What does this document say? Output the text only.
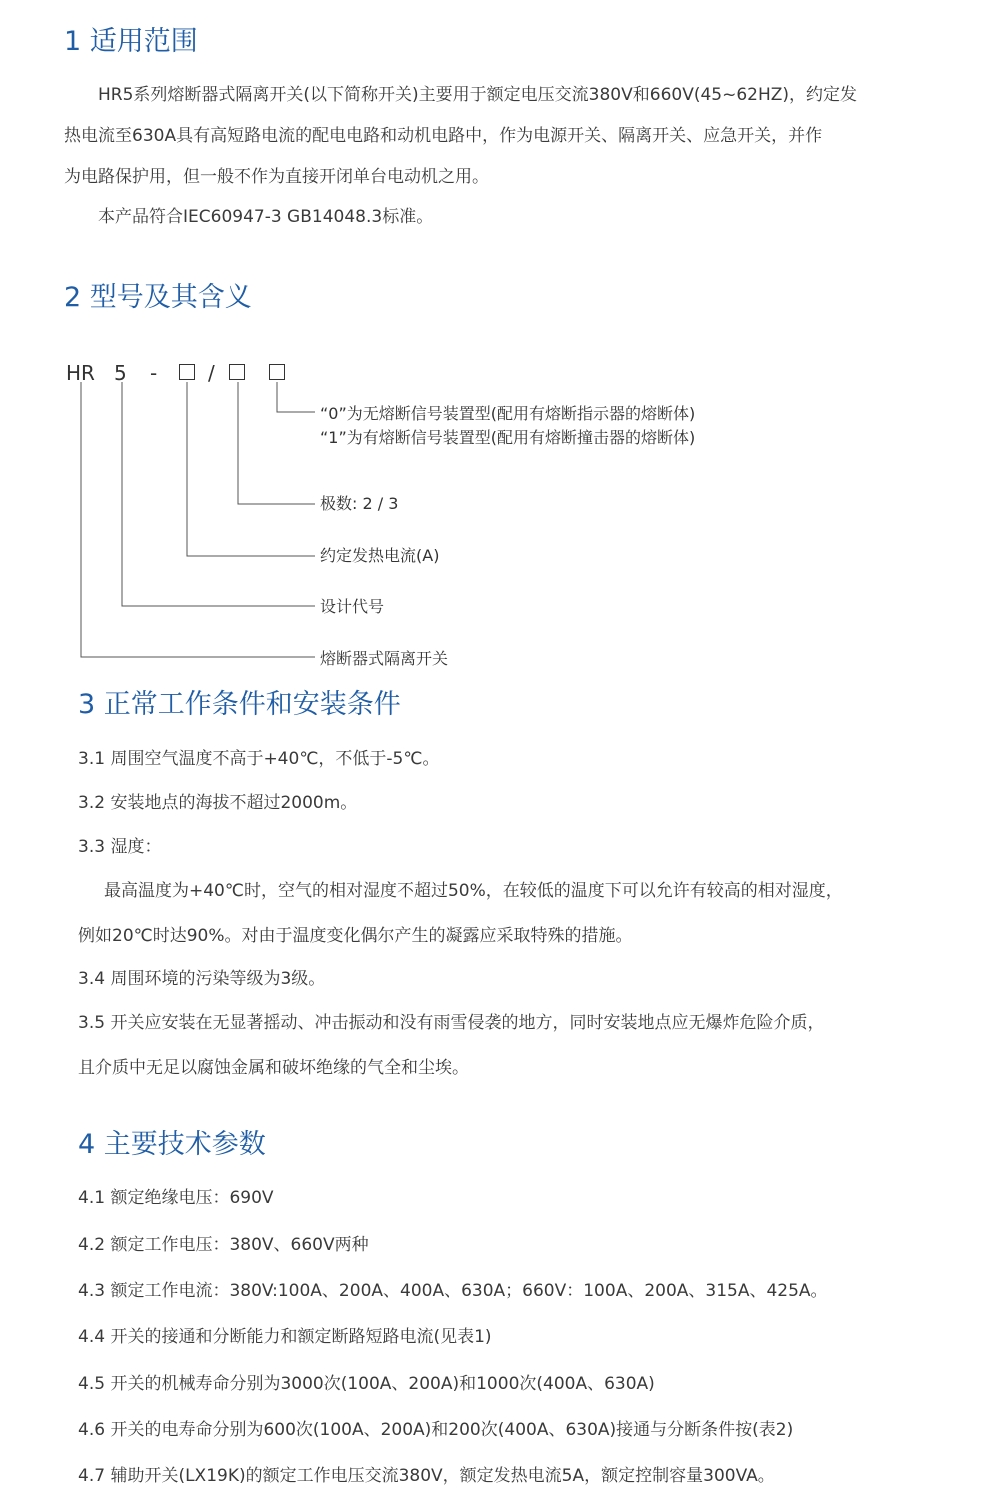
1 适用范围
HR5系列熔断器式隔离开关(以下简称开关)主要用于额定电压交流380V和660V(45~62HZ)，约定发
热电流至630A具有高短路电流的配电电路和动机电路中，作为电源开关、隔离开关、应急开关，并作
为电路保护用，但一般不作为直接开闭单台电动机之用。
本产品符合IEC60947-3 GB14048.3标准。
2 型号及其含义
HR 5 -	/
“0”为无熔断信号装置型(配用有熔断指示器的熔断体)
“1”为有熔断信号装置型(配用有熔断撞击器的熔断体)
极数: 2 / 3
约定发热电流(A)
设计代号
熔断器式隔离开关
3 正常工作条件和安装条件
3.1 周围空气温度不高于+40℃，不低于-5℃。
3.2 安装地点的海拔不超过2000m。
3.3 湿度：
最高温度为+40℃时，空气的相对湿度不超过50%，在较低的温度下可以允许有较高的相对湿度，
例如20℃时达90%。对由于温度变化偶尔产生的凝露应采取特殊的措施。
3.4 周围环境的污染等级为3级。
3.5 开关应安装在无显著摇动、冲击振动和没有雨雪侵袭的地方，同时安装地点应无爆炸危险介质，
且介质中无足以腐蚀金属和破坏绝缘的气全和尘埃。
4 主要技术参数
4.1 额定绝缘电压：690V
4.2 额定工作电压：380V、660V两种
4.3 额定工作电流：380V:100A、200A、400A、630A；660V：100A、200A、315A、425A。
4.4 开关的接通和分断能力和额定断路短路电流(见表1)
4.5 开关的机械寿命分别为3000次(100A、200A)和1000次(400A、630A)
4.6 开关的电寿命分别为600次(100A、200A)和200次(400A、630A)接通与分断条件按(表2)
4.7 辅助开关(LX19K)的额定工作电压交流380V，额定发热电流5A，额定控制容量300VA。
